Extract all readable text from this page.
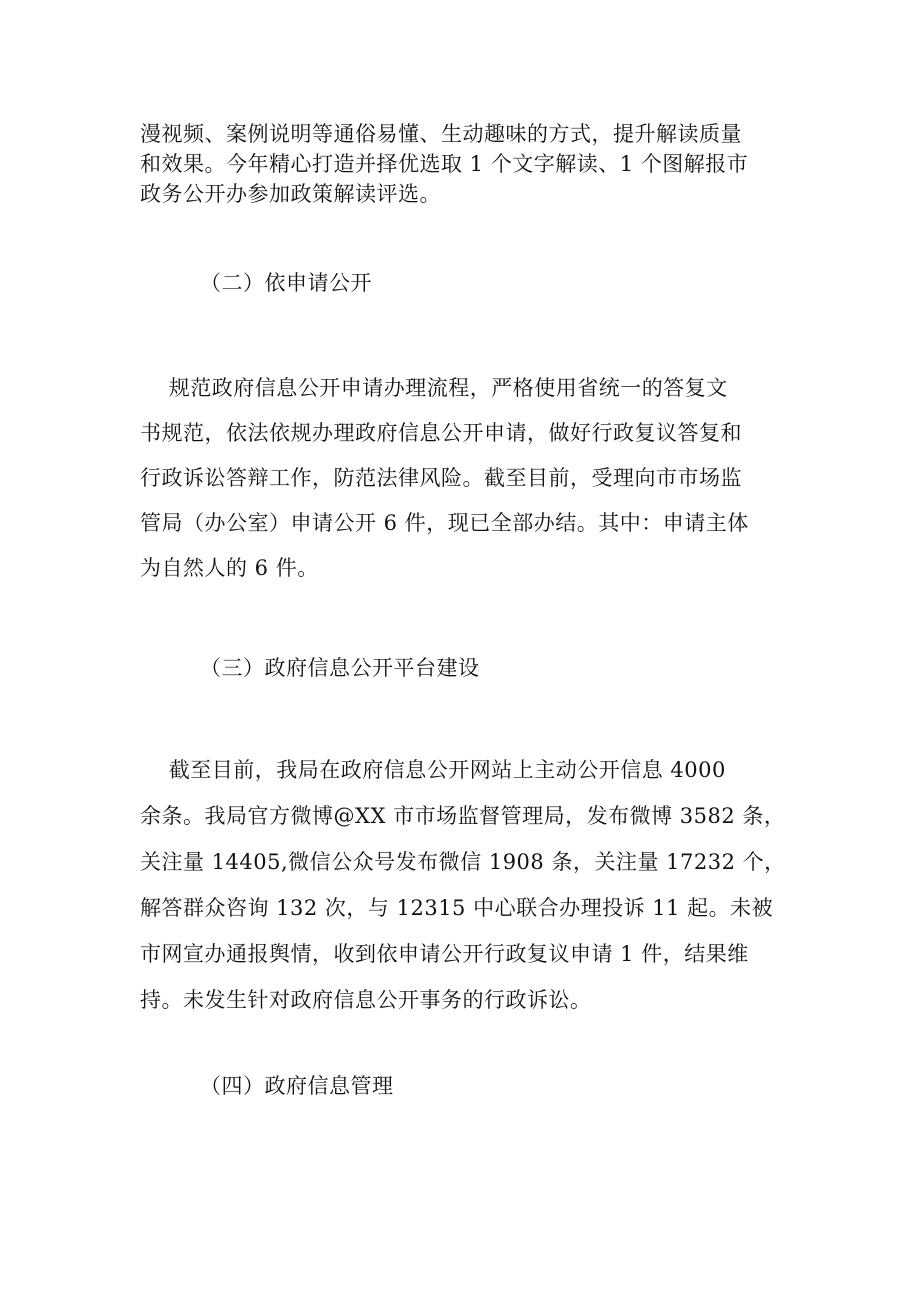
漫视频、案例说明等通俗易懂、生动趣味的方式，提升解读质量
和效果。今年精心打造并择优选取 1 个文字解读、1 个图解报市
政务公开办参加政策解读评选。
（二）依申请公开
规范政府信息公开申请办理流程，严格使用省统一的答复文
书规范，依法依规办理政府信息公开申请，做好行政复议答复和
行政诉讼答辩工作，防范法律风险。截至目前，受理向市市场监
管局（办公室）申请公开 6 件，现已全部办结。其中：申请主体
为自然人的 6 件。
（三）政府信息公开平台建设
截至目前，我局在政府信息公开网站上主动公开信息 4000
余条。我局官方微博@XX 市市场监督管理局，发布微博 3582 条，
关注量 14405,微信公众号发布微信 1908 条，关注量 17232 个，
解答群众咨询 132 次，与 12315 中心联合办理投诉 11 起。未被
市网宣办通报舆情，收到依申请公开行政复议申请 1 件，结果维
持。未发生针对政府信息公开事务的行政诉讼。
（四）政府信息管理
